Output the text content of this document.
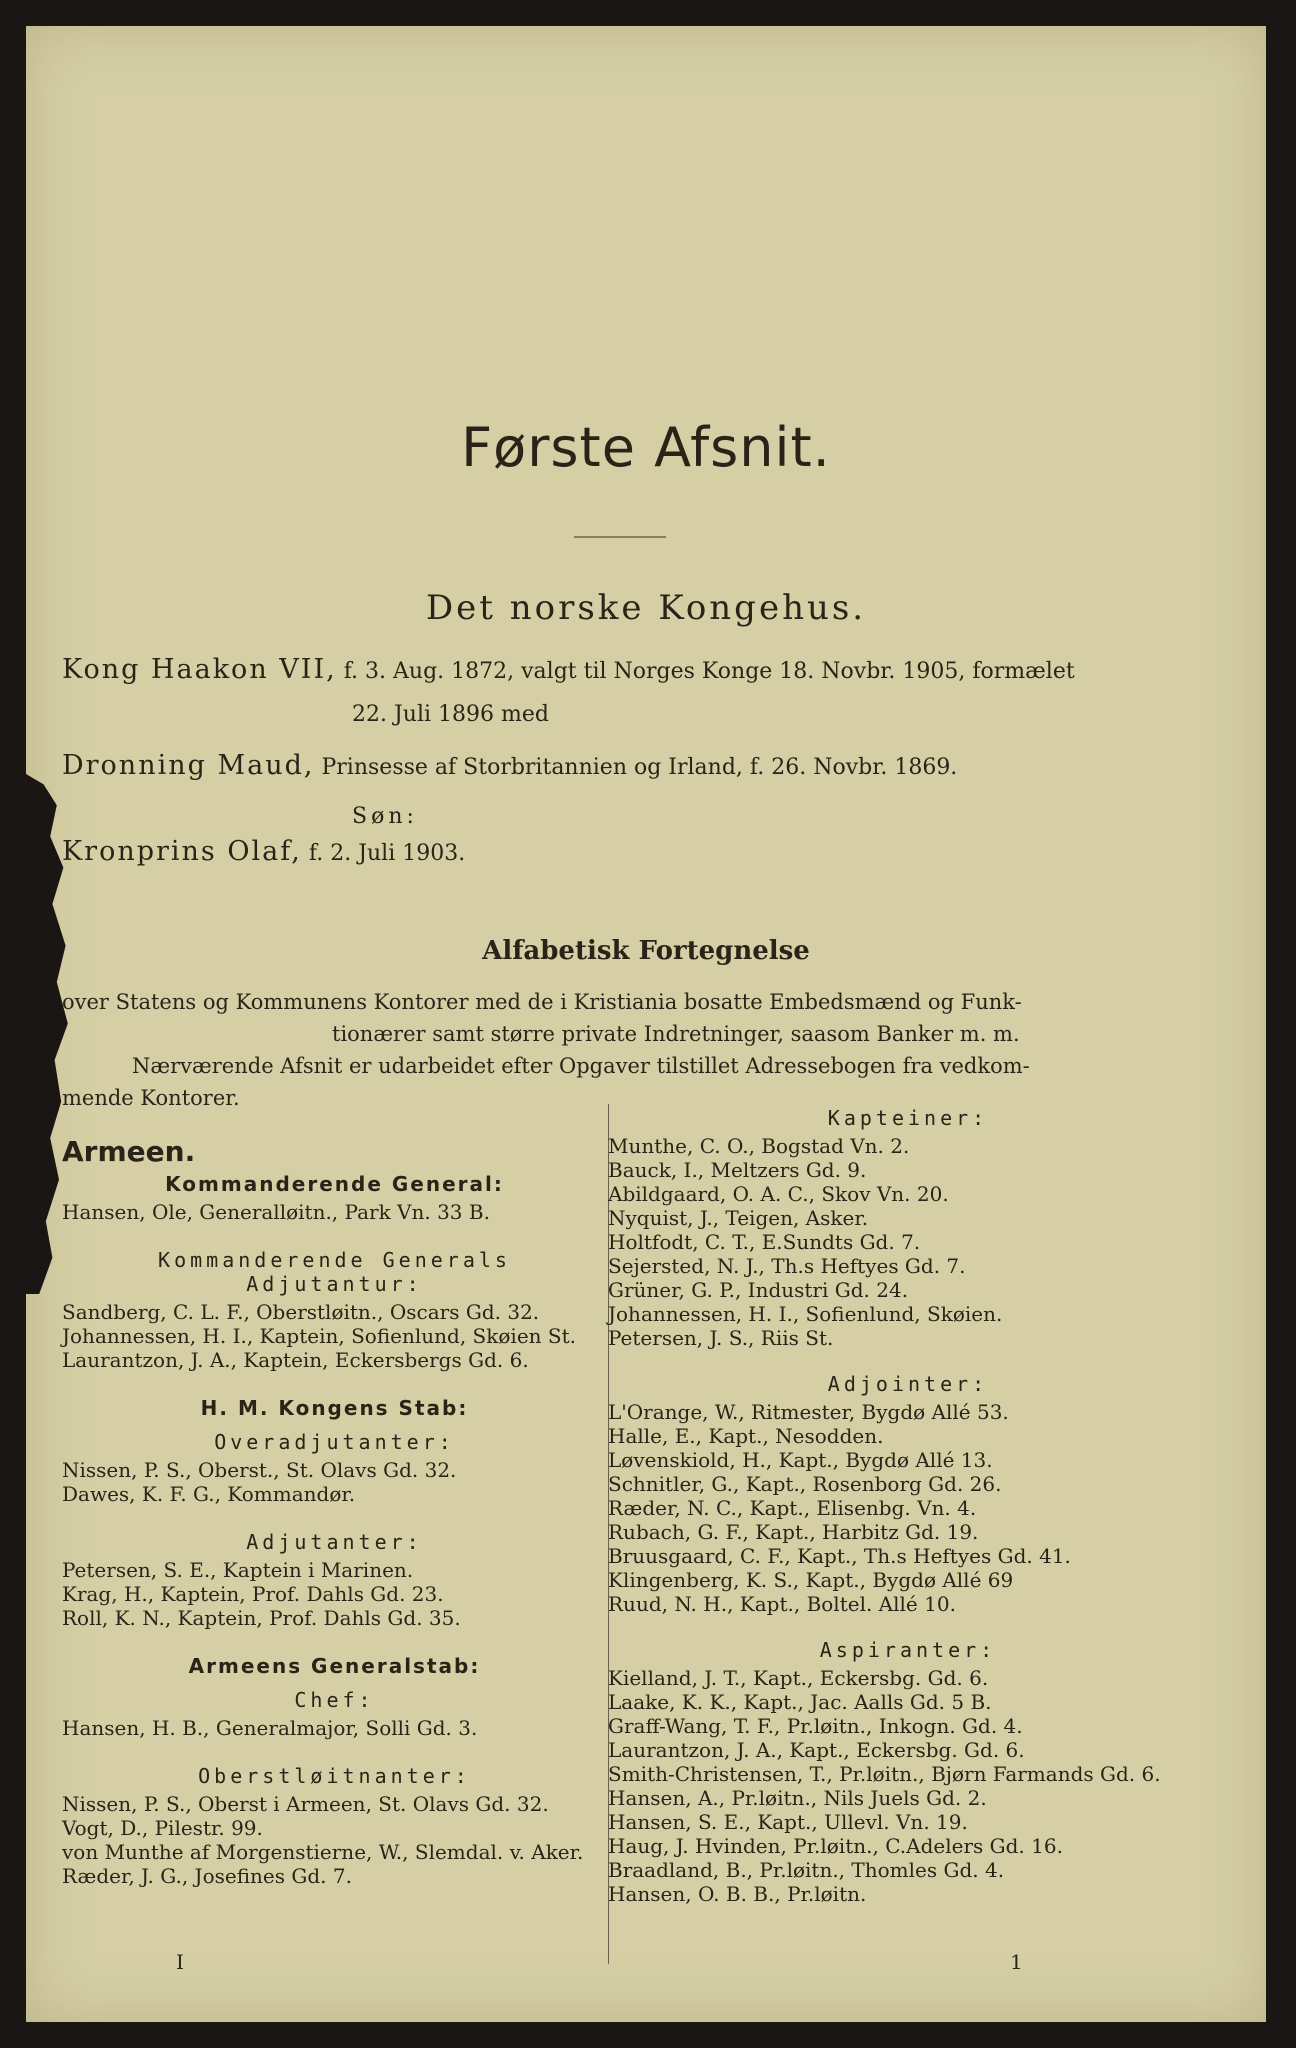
Første Afsnit.
Det norske Kongehus.
Kong Haakon VII, f. 3. Aug. 1872, valgt til Norges Konge 18. Novbr. 1905, formælet
22. Juli 1896 med
Dronning Maud, Prinsesse af Storbritannien og Irland, f. 26. Novbr. 1869.
Søn:
Kronprins Olaf, f. 2. Juli 1903.
Alfabetisk Fortegnelse
over Statens og Kommunens Kontorer med de i Kristiania bosatte Embedsmænd og Funk-
tionærer samt større private Indretninger, saasom Banker m. m.
Nærværende Afsnit er udarbeidet efter Opgaver tilstillet Adressebogen fra vedkom-
mende Kontorer.
Armeen.
Kommanderende General:
Hansen, Ole, Generalløitn., Park Vn. 33 B.
Kommanderende Generals Adjutantur:
Sandberg, C. L. F., Oberstløitn., Oscars Gd. 32.
Johannessen, H. I., Kaptein, Sofienlund, Skøien St.
Laurantzon, J. A., Kaptein, Eckersbergs Gd. 6.
H. M. Kongens Stab:
Overadjutanter:
Nissen, P. S., Oberst., St. Olavs Gd. 32.
Dawes, K. F. G., Kommandør.
Adjutanter:
Petersen, S. E., Kaptein i Marinen.
Krag, H., Kaptein, Prof. Dahls Gd. 23.
Roll, K. N., Kaptein, Prof. Dahls Gd. 35.
Armeens Generalstab:
Chef:
Hansen, H. B., Generalmajor, Solli Gd. 3.
Oberstløitnanter:
Nissen, P. S., Oberst i Armeen, St. Olavs Gd. 32.
Vogt, D., Pilestr. 99.
von Munthe af Morgenstierne, W., Slemdal. v. Aker.
Ræder, J. G., Josefines Gd. 7.
Kapteiner:
Munthe, C. O., Bogstad Vn. 2.
Bauck, I., Meltzers Gd. 9.
Abildgaard, O. A. C., Skov Vn. 20.
Nyquist, J., Teigen, Asker.
Holtfodt, C. T., E.Sundts Gd. 7.
Sejersted, N. J., Th.s Heftyes Gd. 7.
Grüner, G. P., Industri Gd. 24.
Johannessen, H. I., Sofienlund, Skøien.
Petersen, J. S., Riis St.
Adjointer:
L'Orange, W., Ritmester, Bygdø Allé 53.
Halle, E., Kapt., Nesodden.
Løvenskiold, H., Kapt., Bygdø Allé 13.
Schnitler, G., Kapt., Rosenborg Gd. 26.
Ræder, N. C., Kapt., Elisenbg. Vn. 4.
Rubach, G. F., Kapt., Harbitz Gd. 19.
Bruusgaard, C. F., Kapt., Th.s Heftyes Gd. 41.
Klingenberg, K. S., Kapt., Bygdø Allé 69
Ruud, N. H., Kapt., Boltel. Allé 10.
Aspiranter:
Kielland, J. T., Kapt., Eckersbg. Gd. 6.
Laake, K. K., Kapt., Jac. Aalls Gd. 5 B.
Graff-Wang, T. F., Pr.løitn., Inkogn. Gd. 4.
Laurantzon, J. A., Kapt., Eckersbg. Gd. 6.
Smith-Christensen, T., Pr.løitn., Bjørn Farmands Gd. 6.
Hansen, A., Pr.løitn., Nils Juels Gd. 2.
Hansen, S. E., Kapt., Ullevl. Vn. 19.
Haug, J. Hvinden, Pr.løitn., C.Adelers Gd. 16.
Braadland, B., Pr.løitn., Thomles Gd. 4.
Hansen, O. B. B., Pr.løitn.
I	1
